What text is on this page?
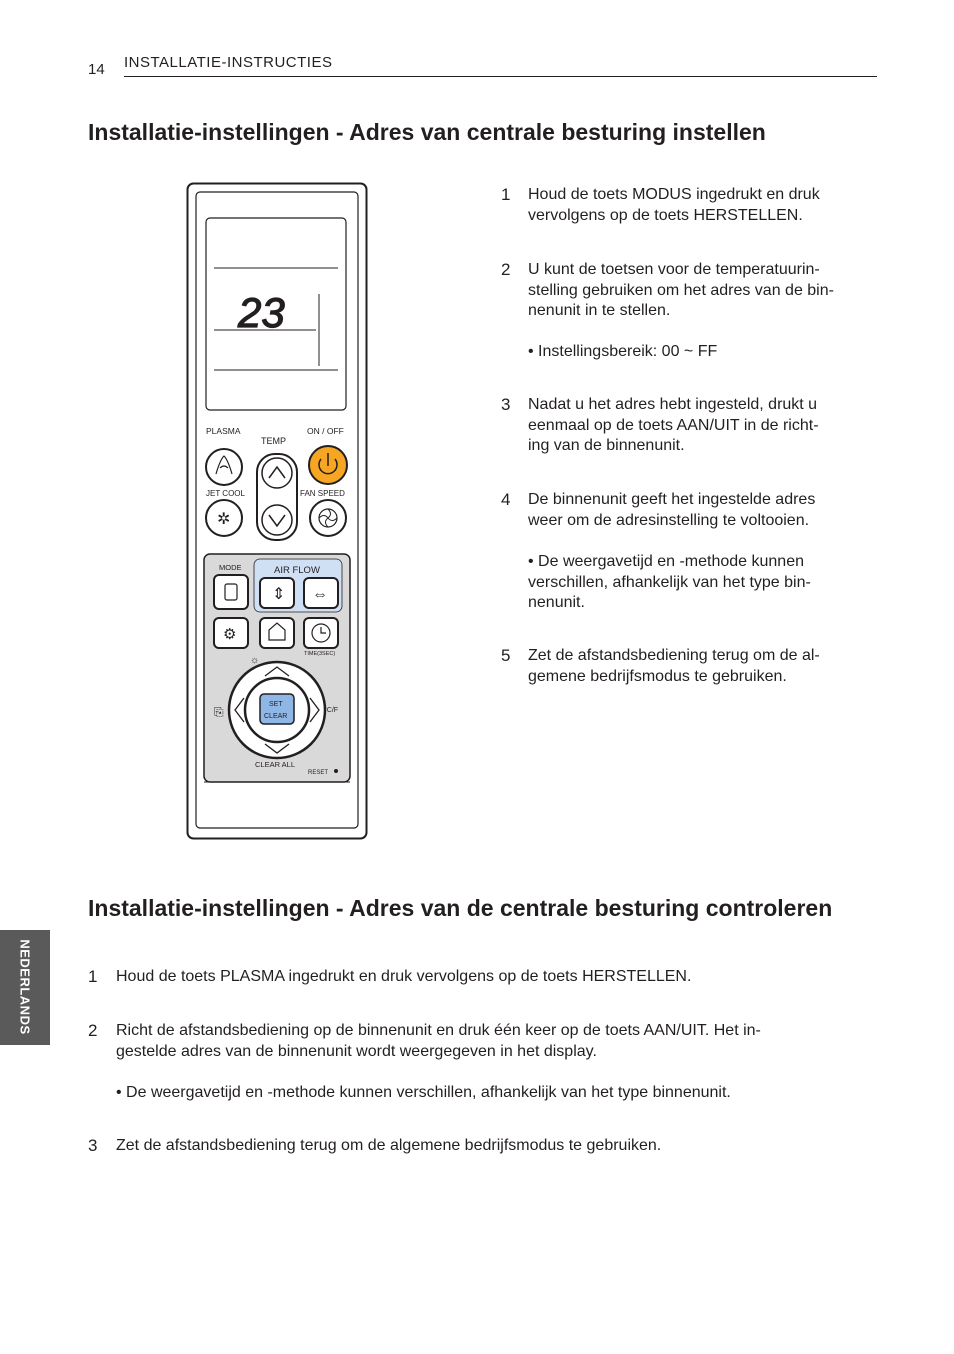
14 INSTALLATIE-INSTRUCTIES
Installatie-instellingen - Adres van centrale besturing instellen
23
PLASMA
TEMP
ON / OFF
JET COOL	FAN SPEED
✲
MODE	AIR FLOW
⇕ ⇔
⚙
TIME(3SEC)
☼
SET
CLEAR
°C/F
⎘
CLEAR ALL
RESET
1 Houd de toets MODUS ingedrukt en druk
vervolgens op de toets HERSTELLEN.
2 U kunt de toetsen voor de temperatuurin-
stelling gebruiken om het adres van de bin-
nenunit in te stellen.
• Instellingsbereik: 00 ~ FF
3 Nadat u het adres hebt ingesteld, drukt u
eenmaal op de toets AAN/UIT in de richt-
ing van de binnenunit.
4 De binnenunit geeft het ingestelde adres
weer om de adresinstelling te voltooien.
• De weergavetijd en -methode kunnen
verschillen, afhankelijk van het type bin-
nenunit.
5 Zet de afstandsbediening terug om de al-
gemene bedrijfsmodus te gebruiken.
Installatie-instellingen - Adres van de centrale besturing controleren
1 Houd de toets PLASMA ingedrukt en druk vervolgens op de toets HERSTELLEN.
2 Richt de afstandsbediening op de binnenunit en druk één keer op de toets AAN/UIT. Het in-
gestelde adres van de binnenunit wordt weergegeven in het display.
• De weergavetijd en -methode kunnen verschillen, afhankelijk van het type binnenunit.
3 Zet de afstandsbediening terug om de algemene bedrijfsmodus te gebruiken.
NEDERLANDS
